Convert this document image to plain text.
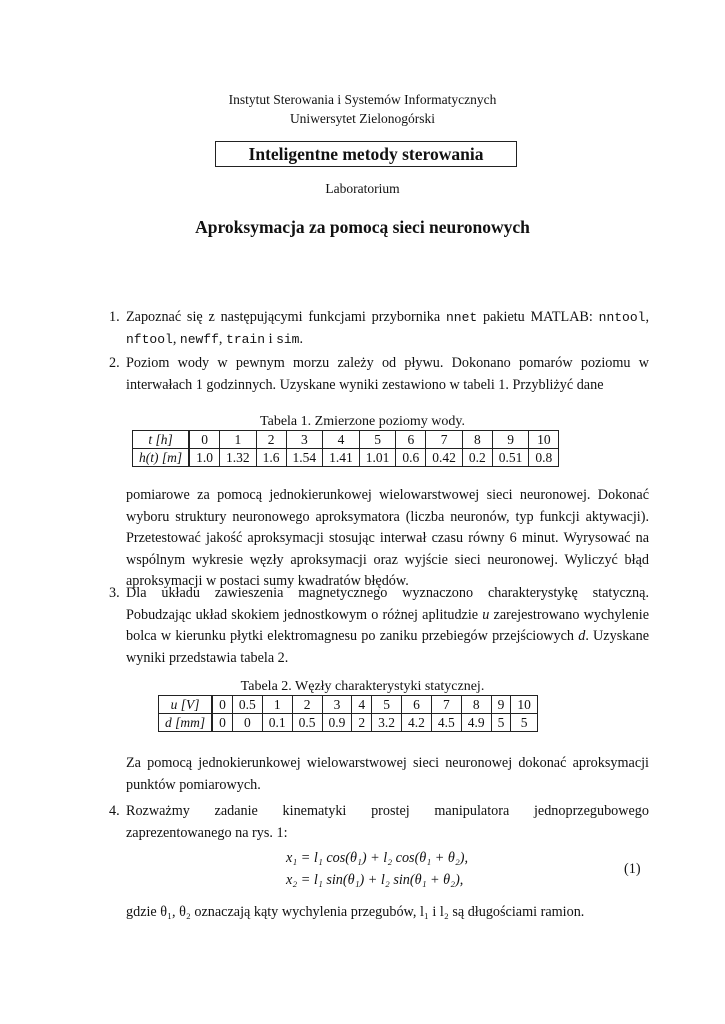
Instytut Sterowania i Systemów Informatycznych
Uniwersytet Zielonogórski
Inteligentne metody sterowania
Laboratorium
Aproksymacja za pomocą sieci neuronowych
1. Zapoznać się z następującymi funkcjami przybornika nnet pakietu MATLAB: nntool, nftool, newff, train i sim.
2. Poziom wody w pewnym morzu zależy od pływu. Dokonano pomarów poziomu w interwałach 1 godzinnych. Uzyskane wyniki zestawiono w tabeli 1. Przybliżyć dane
Tabela 1. Zmierzone poziomy wody.
t [h]	0	1	2	3	4	5	6	7	8	9	10
h(t) [m]	1.0	1.32	1.6	1.54	1.41	1.01	0.6	0.42	0.2	0.51	0.8
pomiarowe za pomocą jednokierunkowej wielowarstwowej sieci neuronowej. Dokonać wyboru struktury neuronowego aproksymatora (liczba neuronów, typ funkcji aktywacji). Przetestować jakość aproksymacji stosując interwał czasu równy 6 minut. Wyrysować na wspólnym wykresie węzły aproksymacji oraz wyjście sieci neuronowej. Wyliczyć błąd aproksymacji w postaci sumy kwadratów błędów.
3. Dla układu zawieszenia magnetycznego wyznaczono charakterystykę statyczną. Pobudzając układ skokiem jednostkowym o różnej aplitudzie u zarejestrowano wychylenie bolca w kierunku płytki elektromagnesu po zaniku przebiegów przejściowych d. Uzyskane wyniki przedstawia tabela 2.
Tabela 2. Węzły charakterystyki statycznej.
u [V]	0	0.5	1	2	3	4	5	6	7	8	9	10
d [mm]	0	0	0.1	0.5	0.9	2	3.2	4.2	4.5	4.9	5	5
Za pomocą jednokierunkowej wielowarstwowej sieci neuronowej dokonać aproksymacji punktów pomiarowych.
4. Rozważmy zadanie kinematyki prostej manipulatora jednoprzegubowego zaprezentowanego na rys. 1:
x₁ = l₁ cos(θ₁) + l₂ cos(θ₁ + θ₂),
x₂ = l₁ sin(θ₁) + l₂ sin(θ₁ + θ₂),
(1)
gdzie θ₁, θ₂ oznaczają kąty wychylenia przegubów, l₁ i l₂ są długościami ramion.
